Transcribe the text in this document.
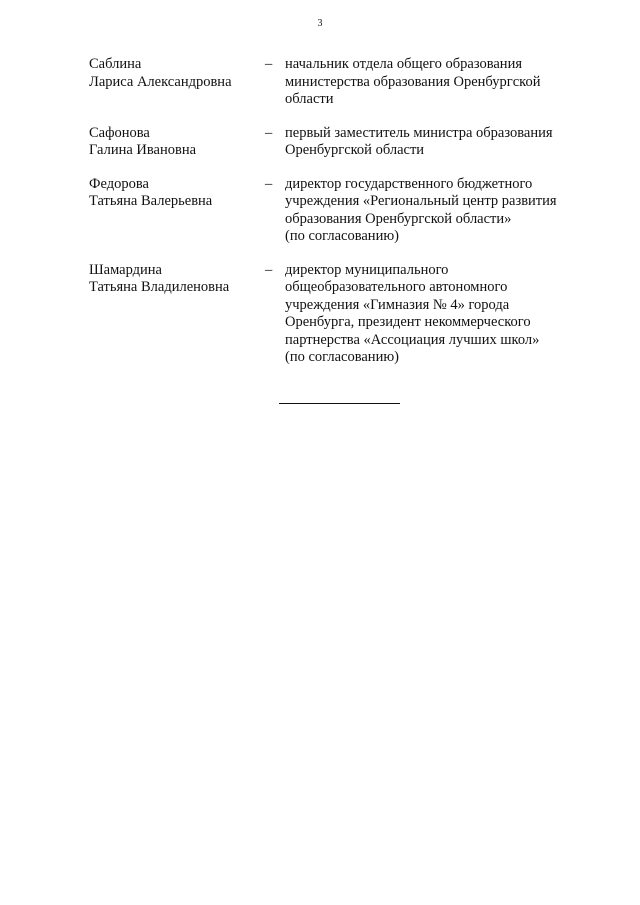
3
Саблина
Лариса Александровна
– начальник отдела общего образования
министерства образования Оренбургской
области
Сафонова
Галина Ивановна
– первый заместитель министра образования
Оренбургской области
Федорова
Татьяна Валерьевна
– директор государственного бюджетного
учреждения «Региональный центр развития
образования Оренбургской области»
(по согласованию)
Шамардина
Татьяна Владиленовна
– директор муниципального
общеобразовательного автономного
учреждения «Гимназия № 4» города
Оренбурга, президент некоммерческого
партнерства «Ассоциация лучших школ»
(по согласованию)
